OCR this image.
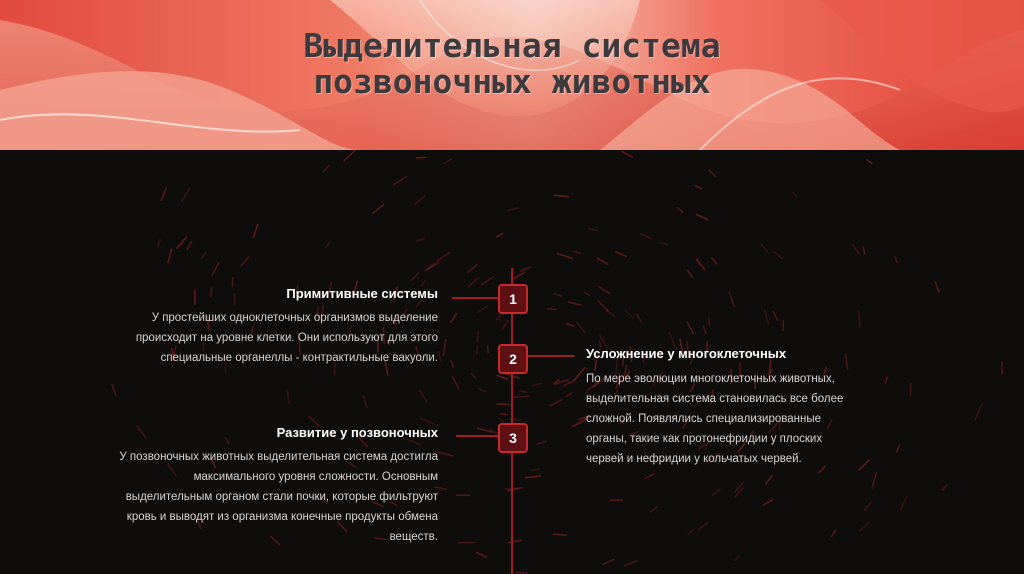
Выделительная система
позвоночных животных
1
2
3
Примитивные системы
У простейших одноклеточных организмов выделение
происходит на уровне клетки. Они используют для этого
специальные органеллы - контрактильные вакуоли.	Усложнение у многоклеточных
По мере эволюции многоклеточных животных,
выделительная система становилась все более
сложной. Появлялись специализированные
органы, такие как протонефридии у плоских
червей и нефридии у кольчатых червей.
Развитие у позвоночных
У позвоночных животных выделительная система достигла
максимального уровня сложности. Основным
выделительным органом стали почки, которые фильтруют
кровь и выводят из организма конечные продукты обмена
веществ.
